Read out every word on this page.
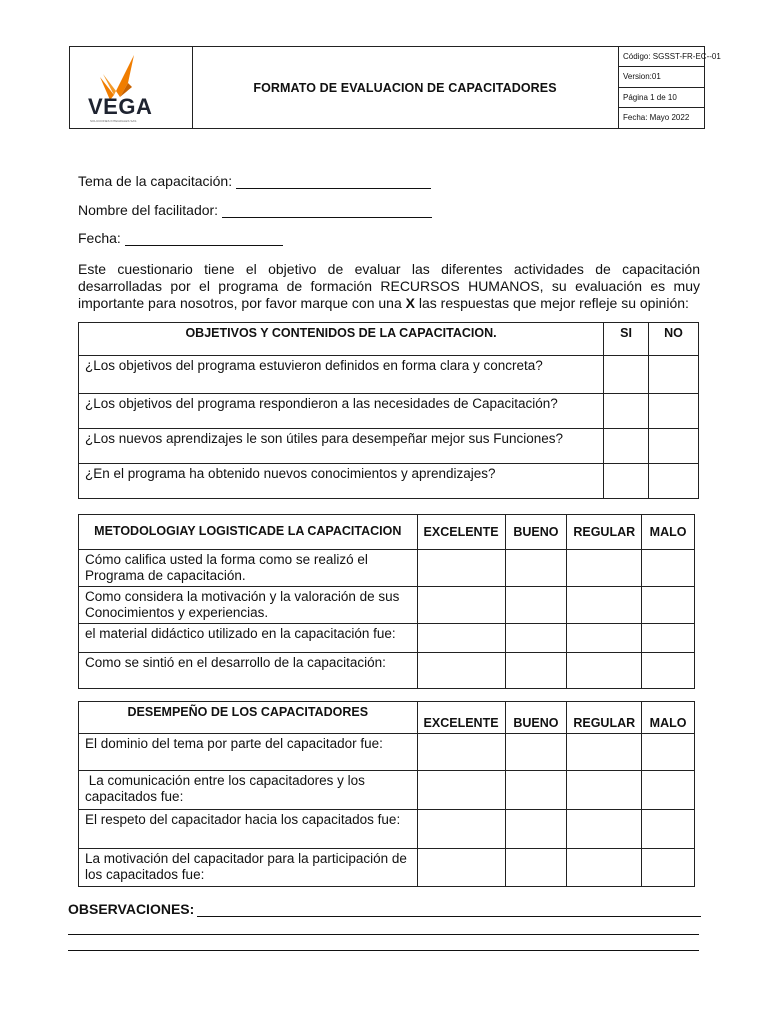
VEGA
SOLUCIONES INTEGRALES SAS
FORMATO DE EVALUACION DE CAPACITADORES
Código: SGSST-FR-EC--01
Version:01
Página 1 de 10
Fecha: Mayo 2022
Tema de la capacitación:
Nombre del facilitador:
Fecha:
Este cuestionario tiene el objetivo de evaluar las diferentes actividades de capacitación desarrolladas por el programa de formación RECURSOS HUMANOS, su evaluación es muy importante para nosotros, por favor marque con una X las respuestas que mejor refleje su opinión:
OBJETIVOS Y CONTENIDOS DE LA CAPACITACION.	SI	NO
¿Los objetivos del programa estuvieron definidos en forma clara y concreta?		
¿Los objetivos del programa respondieron a las necesidades de Capacitación?		
¿Los nuevos aprendizajes le son útiles para desempeñar mejor sus Funciones?		
¿En el programa ha obtenido nuevos conocimientos y aprendizajes?		
METODOLOGIAY LOGISTICADE LA CAPACITACION	EXCELENTE	BUENO	REGULAR	MALO
Cómo califica usted la forma como se realizó el Programa de capacitación.				
Como considera la motivación y la valoración de sus Conocimientos y experiencias.				
el material didáctico utilizado en la capacitación fue:				
Como se sintió en el desarrollo de la capacitación:				
DESEMPEÑO DE LOS CAPACITADORES	EXCELENTE	BUENO	REGULAR	MALO
El dominio del tema por parte del capacitador fue:				
La comunicación entre los capacitadores y los capacitados fue:				
El respeto del capacitador hacia los capacitados fue:				
La motivación del capacitador para la participación de los capacitados fue:				
OBSERVACIONES:
